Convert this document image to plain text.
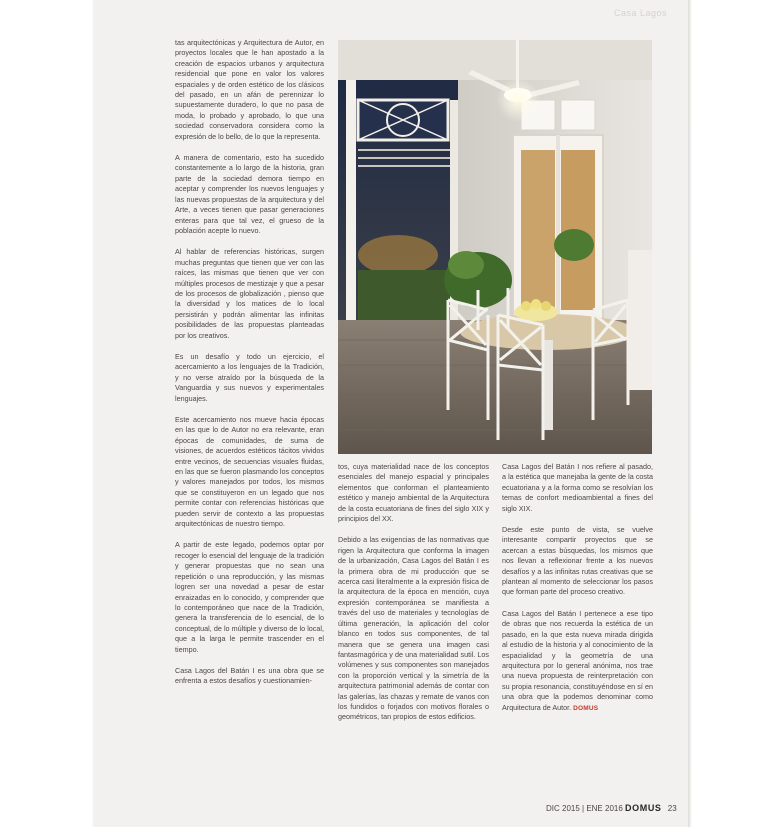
Casa Lagos

tas arquitectónicas y Arquitectura de Autor, en proyectos locales que le han apostado a la creación de espacios urbanos y arquitectura residencial que pone en valor los valores espaciales y de orden estético de los clásicos del pasado, en un afán de perennizar lo supuestamente duradero, lo que no pasa de moda, lo probado y aprobado, lo que una sociedad conservadora considera como la expresión de lo bello, de lo que la representa.

A manera de comentario, esto ha sucedido constantemente a lo largo de la historia, gran parte de la sociedad demora tiempo en aceptar y comprender los nuevos lenguajes y las nuevas propuestas de la arquitectura y del Arte, a veces tienen que pasar generaciones enteras para que tal vez, el grueso de la población acepte lo nuevo.

Al hablar de referencias históricas, surgen muchas preguntas que tienen que ver con las raíces, las mismas que tienen que ver con múltiples procesos de mestizaje y que a pesar de los procesos de globalización , pienso que la diversidad y los matices de lo local persistirán y podrán alimentar las infinitas posibilidades de las propuestas planteadas por los creativos.

Es un desafío y todo un ejercicio, el acercamiento a los lenguajes de la Tradición, y no verse atraído por la búsqueda de la Vanguardia y sus nuevos y experimentales lenguajes.

Este acercamiento nos mueve hacia épocas en las que lo de Autor no era relevante, eran épocas de comunidades, de suma de visiones, de acuerdos estéticos tácitos vividos entre vecinos, de secuencias visuales fluidas, en las que se fueron plasmando los conceptos y valores manejados por todos, los mismos que se constituyeron en un legado que nos permite contar con referencias históricas que pueden servir de contexto a las propuestas arquitectónicas de nuestro tiempo.

A partir de este legado, podemos optar por recoger lo esencial del lenguaje de la tradición y generar propuestas que no sean una repetición o una reproducción, y las mismas logren ser una novedad a pesar de estar enraizadas en lo conocido, y comprender que lo contemporáneo que nace de la Tradición, genera la transferencia de lo esencial, de lo conceptual, de lo múltiple y diverso de lo local, que a la larga le permite trascender en el tiempo.

Casa Lagos del Batán I es una obra que se enfrenta a estos desafíos y cuestionamien-

tos, cuya materialidad nace de los conceptos esenciales del manejo espacial y principales elementos que conforman el planteamiento estético y manejo ambiental de la Arquitectura de la costa ecuatoriana de fines del siglo XIX y principios del XX.

Debido a las exigencias de las normativas que rigen la Arquitectura que conforma la imagen de la urbanización, Casa Lagos del Batán I es la primera obra de mi producción que se acerca casi literalmente a la expresión física de la arquitectura de la época en mención, cuya expresión contemporánea se manifiesta a través del uso de materiales y tecnologías de última generación, la aplicación del color blanco en todos sus componentes, de tal manera que se genera una imagen casi fantasmagórica y de una materialidad sutil. Los volúmenes y sus componentes son manejados con la proporción vertical y la simetría de la arquitectura patrimonial además de contar con las galerías, las chazas y remate de vanos con los fundidos o forjados con motivos florales o geométricos, tan propios de estos edificios.

Casa Lagos del Batán I nos refiere al pasado, a la estética que manejaba la gente de la costa ecuatoriana y a la forma como se resolvían los temas de confort medioambiental a fines del siglo XIX.

Desde este punto de vista, se vuelve interesante compartir proyectos que se acercan a estas búsquedas, los mismos que nos llevan a reflexionar frente a los nuevos desafíos y a las infinitas rutas creativas que se plantean al momento de seleccionar los pasos que forman parte del proceso creativo.

Casa Lagos del Batán I pertenece a ese tipo de obras que nos recuerda la estética de un pasado, en la que esta nueva mirada dirigida al estudio de la historia y al conocimiento de la espacialidad y la geometría de una arquitectura por lo general anónima, nos trae una nueva propuesta de reinterpretación con su propia resonancia, constituyéndose en sí en una obra que la podemos denominar como Arquitectura de Autor. DOMUS

DIC 2015 | ENE 2016 DOMUS 23
